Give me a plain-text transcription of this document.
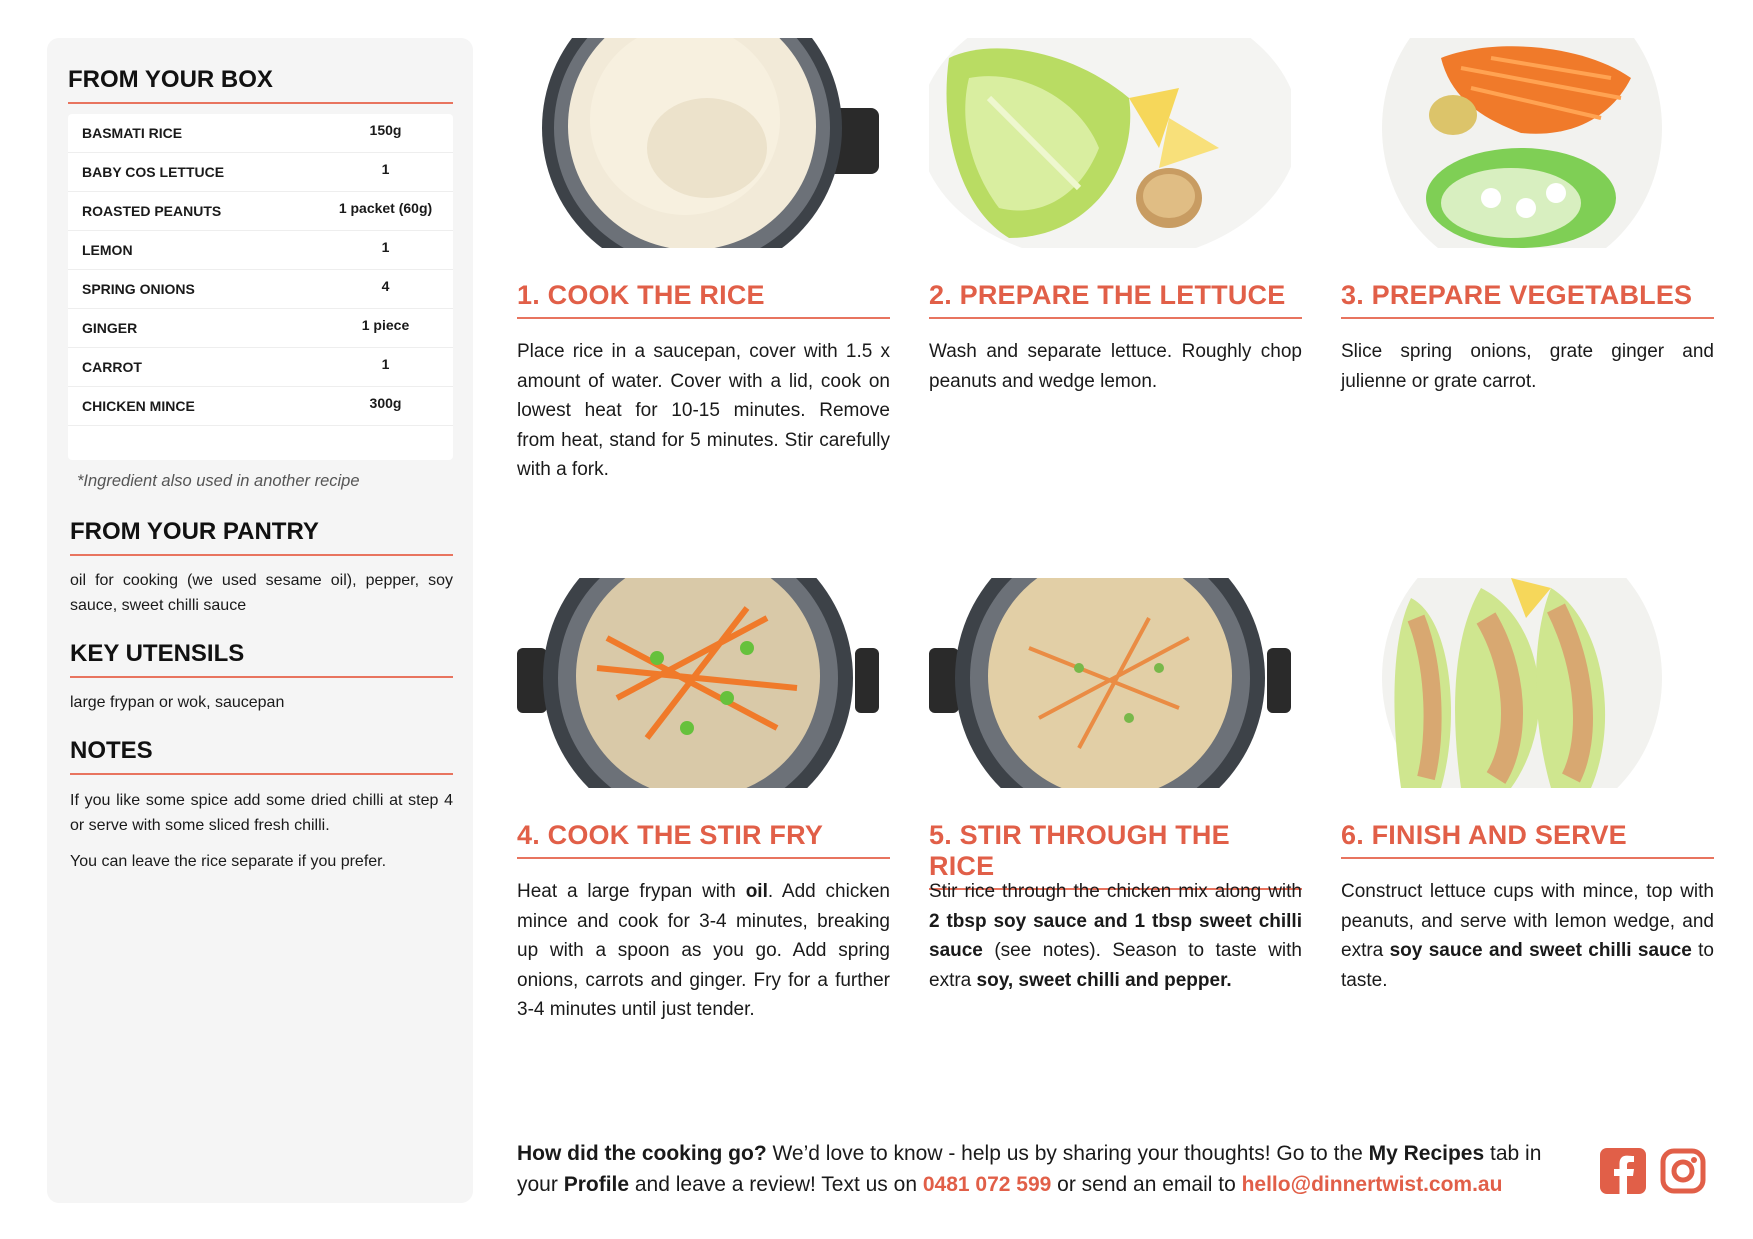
FROM YOUR BOX
BASMATI RICE	150g
BABY COS LETTUCE	1
ROASTED PEANUTS	1 packet (60g)
LEMON	1
SPRING ONIONS	4
GINGER	1 piece
CARROT	1
CHICKEN MINCE	300g
*Ingredient also used in another recipe
FROM YOUR PANTRY
oil for cooking (we used sesame oil), pepper, soy sauce, sweet chilli sauce
KEY UTENSILS
large frypan or wok, saucepan
NOTES
If you like some spice add some dried chilli at step 4 or serve with some sliced fresh chilli.
You can leave the rice separate if you prefer.
1. COOK THE RICE
Place rice in a saucepan, cover with 1.5 x amount of water. Cover with a lid, cook on lowest heat for 10-15 minutes. Remove from heat, stand for 5 minutes. Stir carefully with a fork.
2. PREPARE THE LETTUCE
Wash and separate lettuce. Roughly chop peanuts and wedge lemon.
3. PREPARE VEGETABLES
Slice spring onions, grate ginger and julienne or grate carrot.
4. COOK THE STIR FRY
Heat a large frypan with oil. Add chicken mince and cook for 3-4 minutes, breaking up with a spoon as you go. Add spring onions, carrots and ginger. Fry for a further 3-4 minutes until just tender.
5. STIR THROUGH THE RICE
Stir rice through the chicken mix along with 2 tbsp soy sauce and 1 tbsp sweet chilli sauce (see notes). Season to taste with extra soy, sweet chilli and pepper.
6. FINISH AND SERVE
Construct lettuce cups with mince, top with peanuts, and serve with lemon wedge, and extra soy sauce and sweet chilli sauce to taste.
How did the cooking go? We’d love to know - help us by sharing your thoughts! Go to the My Recipes tab in your Profile and leave a review! Text us on 0481 072 599 or send an email to hello@dinnertwist.com.au
